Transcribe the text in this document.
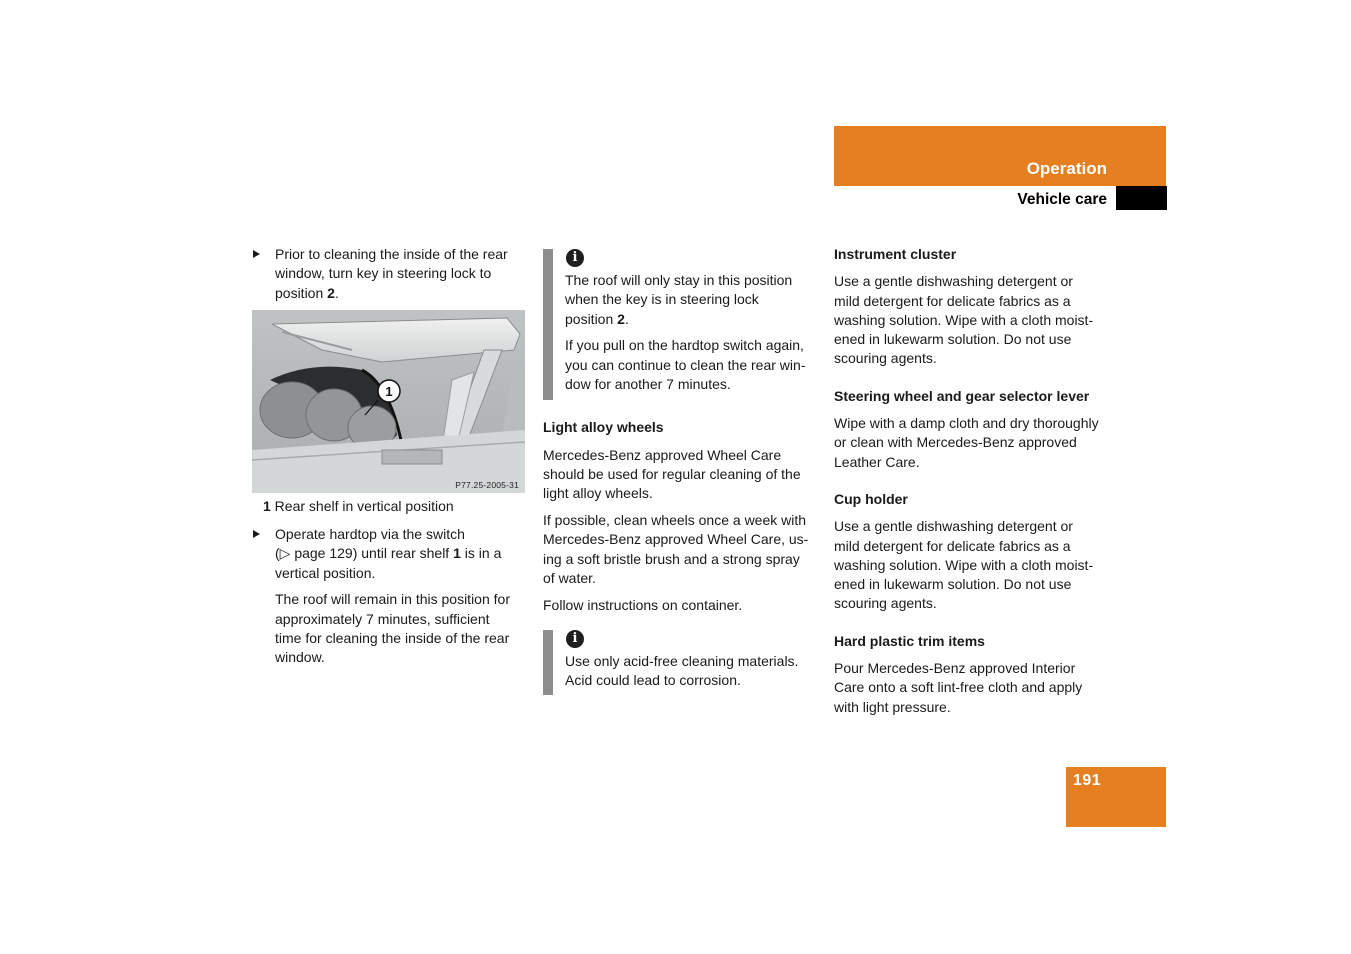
Operation
Vehicle care

Prior to cleaning the inside of the rear
window, turn key in steering lock to
position 2.

1
P77.25-2005-31

1 Rear shelf in vertical position

Operate hardtop via the switch
(▷ page 129) until rear shelf 1 is in a
vertical position.

The roof will remain in this position for
approximately 7 minutes, sufficient
time for cleaning the inside of the rear
window.

i

The roof will only stay in this position
when the key is in steering lock
position 2.

If you pull on the hardtop switch again,
you can continue to clean the rear win-
dow for another 7 minutes.

Light alloy wheels

Mercedes-Benz approved Wheel Care
should be used for regular cleaning of the
light alloy wheels.

If possible, clean wheels once a week with
Mercedes-Benz approved Wheel Care, us-
ing a soft bristle brush and a strong spray
of water.

Follow instructions on container.

i

Use only acid-free cleaning materials.
Acid could lead to corrosion.

Instrument cluster

Use a gentle dishwashing detergent or
mild detergent for delicate fabrics as a
washing solution. Wipe with a cloth moist-
ened in lukewarm solution. Do not use
scouring agents.

Steering wheel and gear selector lever

Wipe with a damp cloth and dry thoroughly
or clean with Mercedes-Benz approved
Leather Care.

Cup holder

Use a gentle dishwashing detergent or
mild detergent for delicate fabrics as a
washing solution. Wipe with a cloth moist-
ened in lukewarm solution. Do not use
scouring agents.

Hard plastic trim items

Pour Mercedes-Benz approved Interior
Care onto a soft lint-free cloth and apply
with light pressure.

191
